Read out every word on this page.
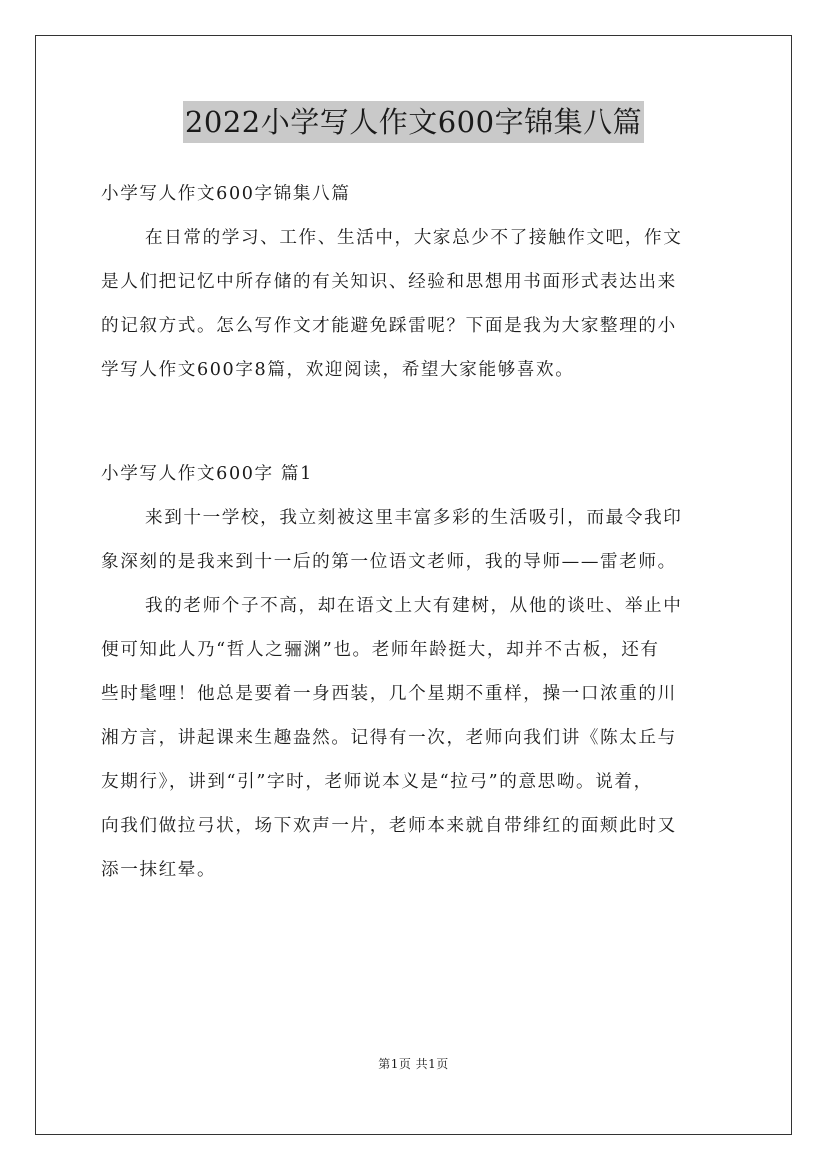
2022小学写人作文600字锦集八篇
小学写人作文600字锦集八篇
在日常的学习、工作、生活中，大家总少不了接触作文吧，作文
是人们把记忆中所存储的有关知识、经验和思想用书面形式表达出来
的记叙方式。怎么写作文才能避免踩雷呢？下面是我为大家整理的小
学写人作文600字8篇，欢迎阅读，希望大家能够喜欢。
小学写人作文600字 篇1
来到十一学校，我立刻被这里丰富多彩的生活吸引，而最令我印
象深刻的是我来到十一后的第一位语文老师，我的导师——雷老师。
我的老师个子不高，却在语文上大有建树，从他的谈吐、举止中
便可知此人乃“哲人之骊渊”也。老师年龄挺大，却并不古板，还有
些时髦哩！他总是要着一身西装，几个星期不重样，操一口浓重的川
湘方言，讲起课来生趣盎然。记得有一次，老师向我们讲《陈太丘与
友期行》，讲到“引”字时，老师说本义是“拉弓”的意思呦。说着，
向我们做拉弓状，场下欢声一片，老师本来就自带绯红的面颊此时又
添一抹红晕。
第1页 共1页
